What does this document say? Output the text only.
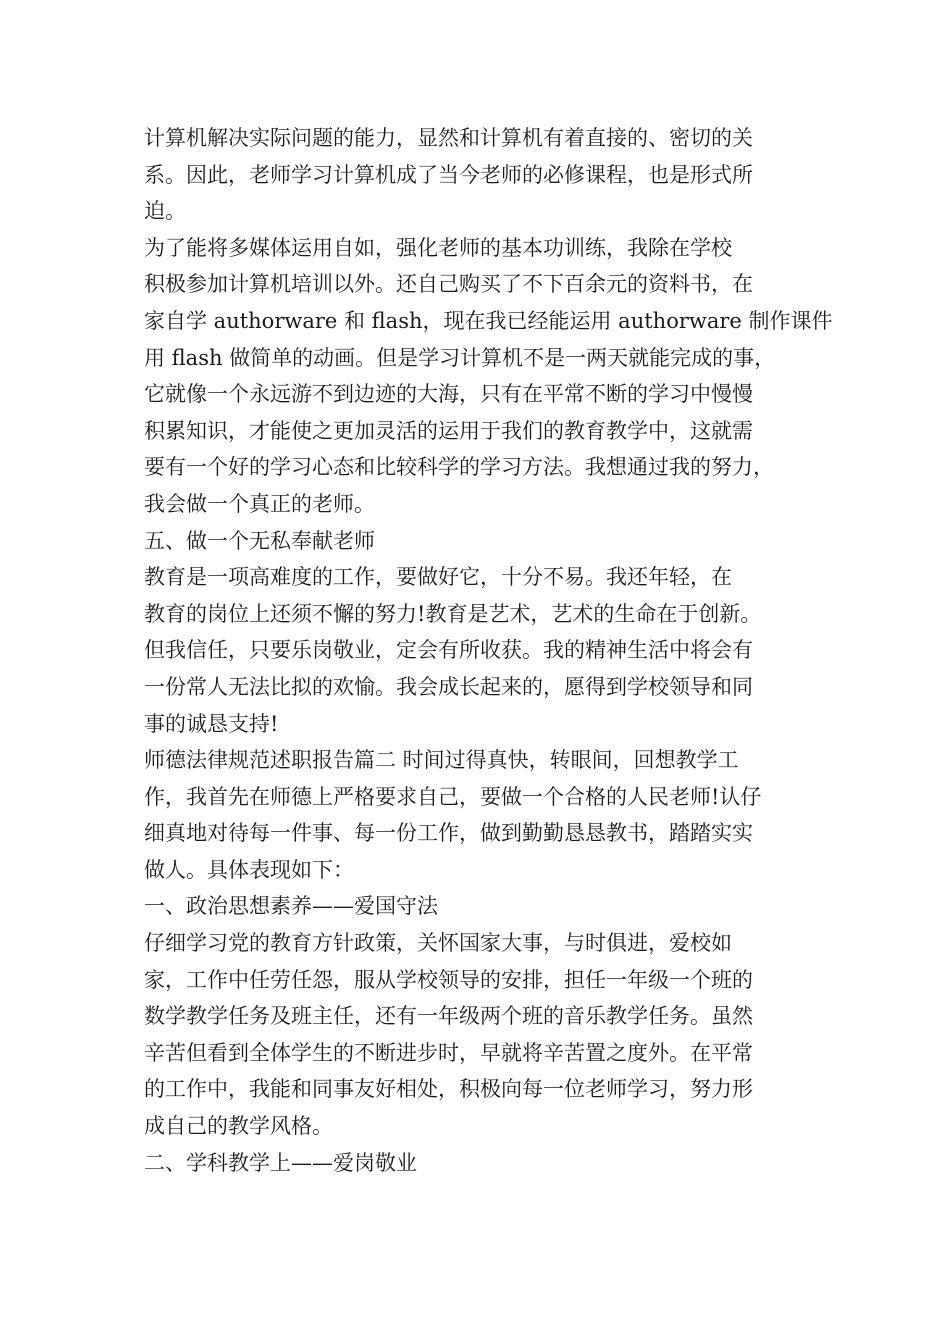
计算机解决实际问题的能力，显然和计算机有着直接的、密切的关
系。因此，老师学习计算机成了当今老师的必修课程，也是形式所
迫。
为了能将多媒体运用自如，强化老师的基本功训练，我除在学校
积极参加计算机培训以外。还自己购买了不下百余元的资料书，在
家自学 authorware 和 flash，现在我已经能运用 authorware 制作课件
用 flash 做简单的动画。但是学习计算机不是一两天就能完成的事，
它就像一个永远游不到边迹的大海，只有在平常不断的学习中慢慢
积累知识，才能使之更加灵活的运用于我们的教育教学中，这就需
要有一个好的学习心态和比较科学的学习方法。我想通过我的努力，
我会做一个真正的老师。
五、做一个无私奉献老师
教育是一项高难度的工作，要做好它，十分不易。我还年轻，在
教育的岗位上还须不懈的努力!教育是艺术，艺术的生命在于创新。
但我信任，只要乐岗敬业，定会有所收获。我的精神生活中将会有
一份常人无法比拟的欢愉。我会成长起来的，愿得到学校领导和同
事的诚恳支持!
师德法律规范述职报告篇二 时间过得真快，转眼间，回想教学工
作，我首先在师德上严格要求自己，要做一个合格的人民老师!认仔
细真地对待每一件事、每一份工作，做到勤勤恳恳教书，踏踏实实
做人。具体表现如下：
一、政治思想素养——爱国守法
仔细学习党的教育方针政策，关怀国家大事，与时俱进，爱校如
家，工作中任劳任怨，服从学校领导的安排，担任一年级一个班的
数学教学任务及班主任，还有一年级两个班的音乐教学任务。虽然
辛苦但看到全体学生的不断进步时，早就将辛苦置之度外。在平常
的工作中，我能和同事友好相处，积极向每一位老师学习，努力形
成自己的教学风格。
二、学科教学上——爱岗敬业
